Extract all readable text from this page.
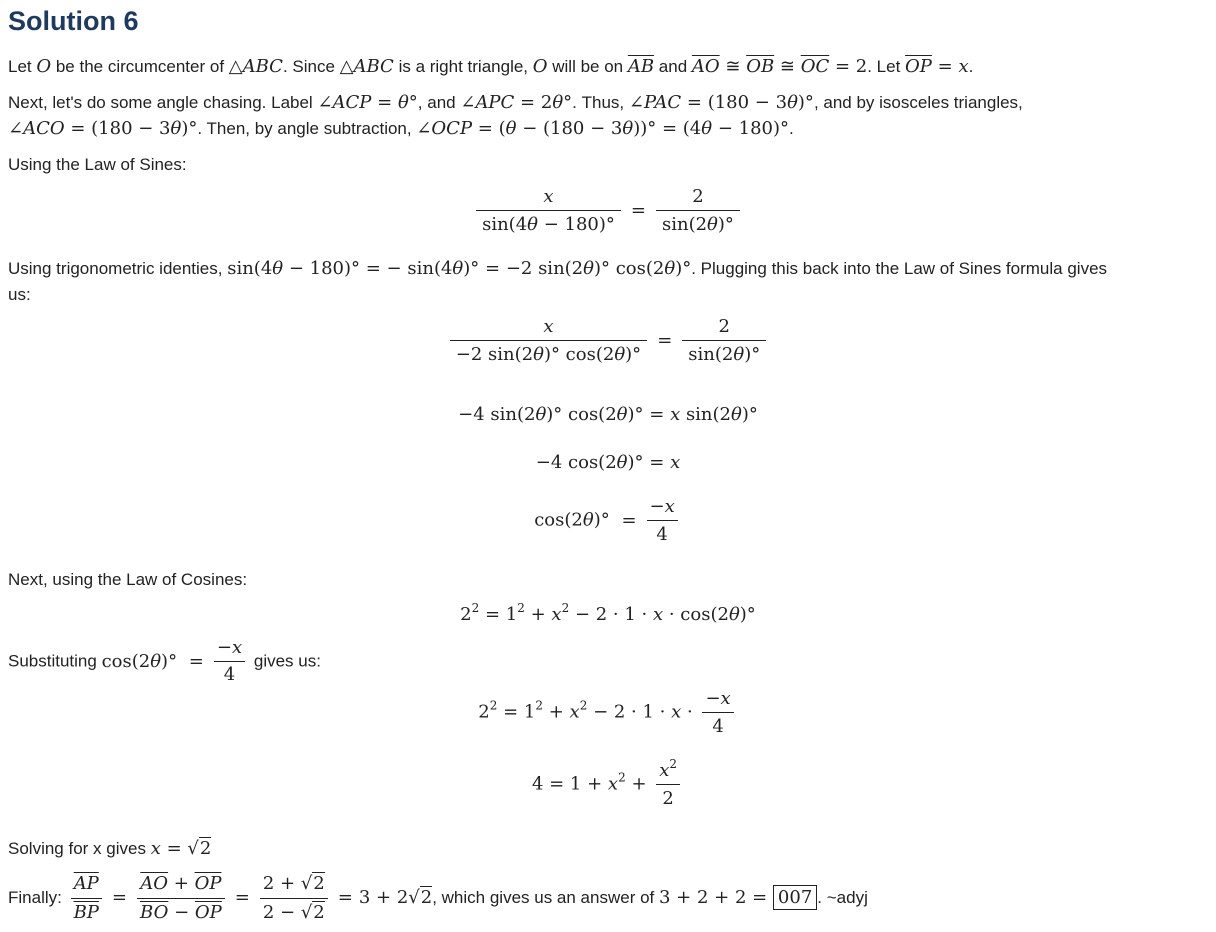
Solution 6
Let O be the circumcenter of △ABC. Since △ABC is a right triangle, O will be on $\overline{AB}$ and $\overline{AO}$ ≅ $\overline{OB}$ ≅ $\overline{OC} = 2$. Let $\overline{OP} = x$.
Next, let's do some angle chasing. Label ∠ACP = θ°, and ∠APC = 2θ°. Thus, ∠PAC = (180 − 3θ)°, and by isosceles triangles,
∠ACO = (180 − 3θ)°. Then, by angle subtraction, ∠OCP = (θ − (180 − 3θ))° = (4θ − 180)°.
Using the Law of Sines:
$\frac{x}{\sin(4\theta - 180)^\circ} = \frac{2}{\sin(2\theta)^\circ}$
Using trigonometric identies, sin(4θ − 180)° = − sin(4θ)° = −2 sin(2θ)° cos(2θ)°. Plugging this back into the Law of Sines formula gives
us:
$\frac{x}{-2 \sin(2\theta)^\circ \cos(2\theta)^\circ} = \frac{2}{\sin(2\theta)^\circ}$
−4 sin(2θ)° cos(2θ)° = x sin(2θ)°
−4 cos(2θ)° = x
$\cos(2\theta)^\circ = \frac{-x}{4}$
Next, using the Law of Cosines:
$2^2 = 1^2 + x^2 - 2 \cdot 1 \cdot x \cdot \cos(2\theta)^\circ$
Substituting $\cos(2\theta)^\circ = \frac{-x}{4}$ gives us:
$2^2 = 1^2 + x^2 - 2 \cdot 1 \cdot x \cdot \frac{-x}{4}$
$4 = 1 + x^2 + \frac{x^2}{2}$
Solving for x gives x = √2
Finally: $\frac{\overline{AP}}{BP} = \frac{\overline{AO} + \overline{OP}}{\overline{BO} - \overline{OP}} = \frac{2 + √2}{2 - √2} = 3 + 2√2$, which gives us an answer of 3 + 2 + 2 = 007 . ~adyj
